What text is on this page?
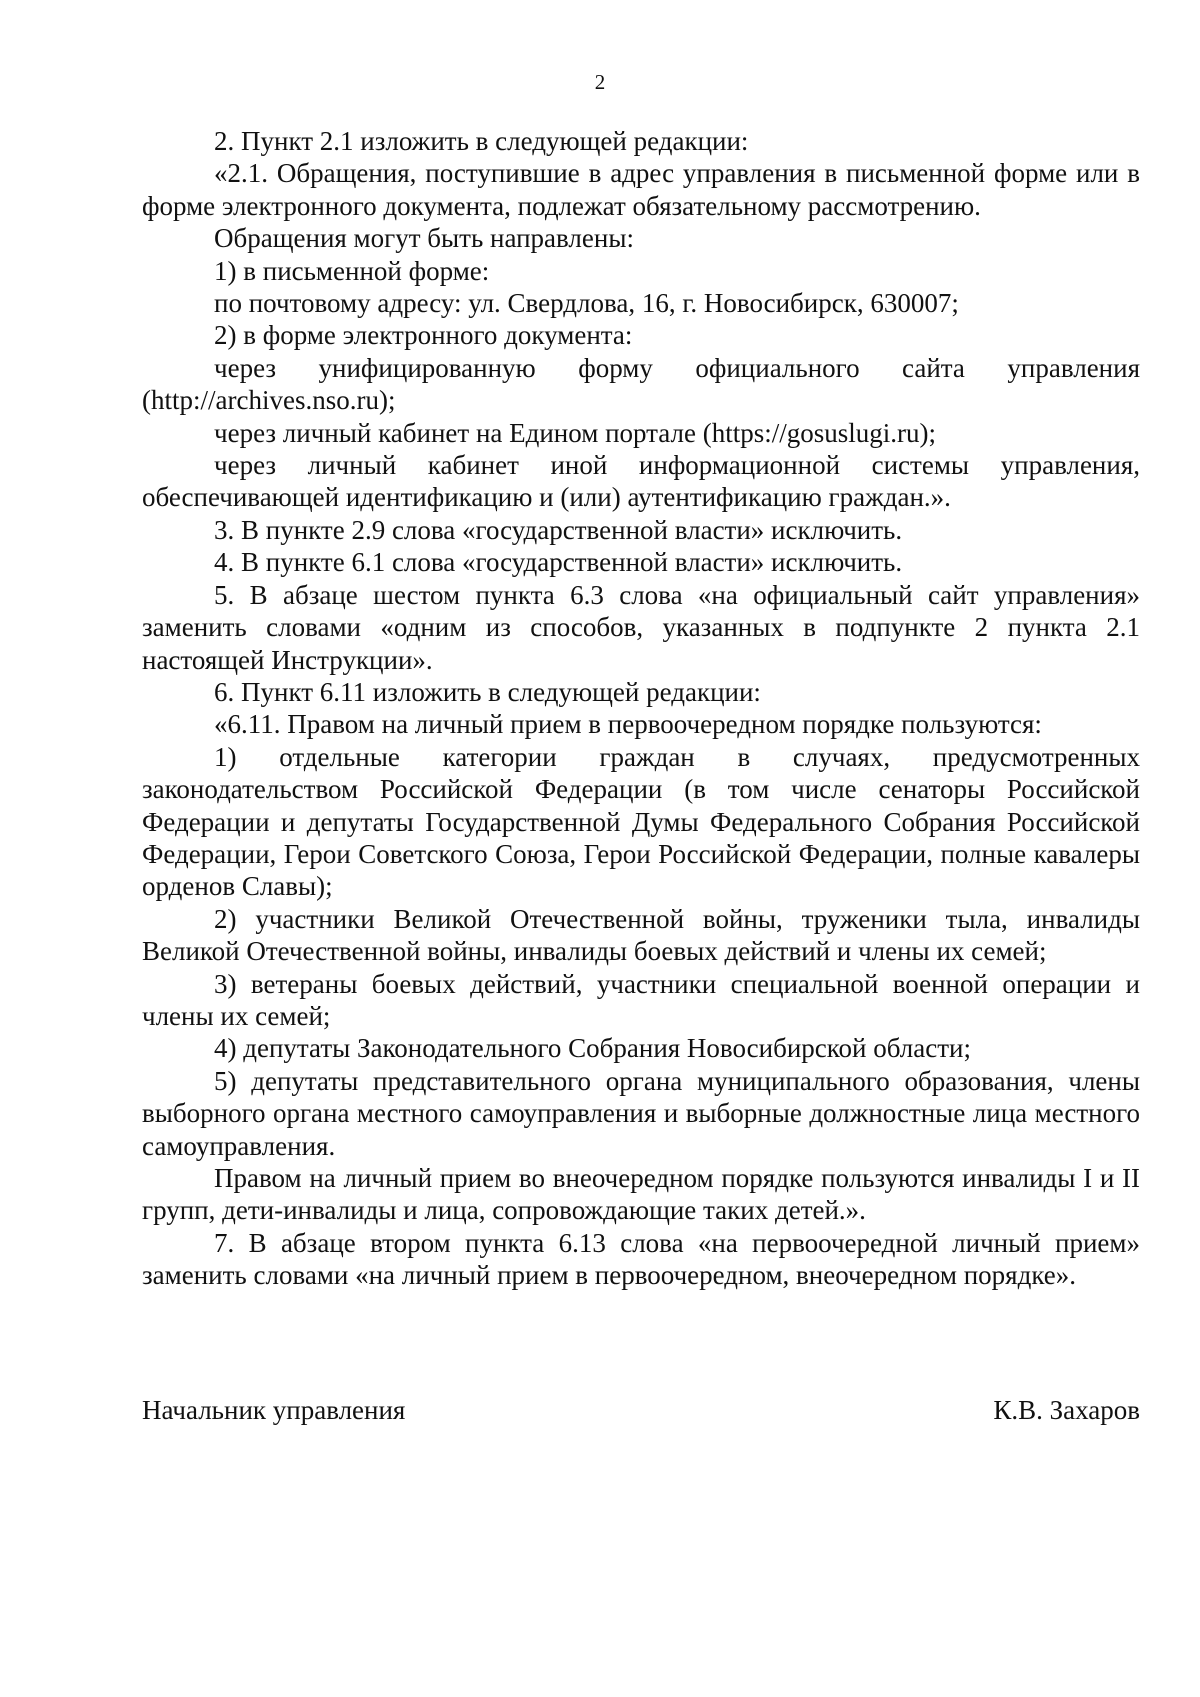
2

2. Пункт 2.1 изложить в следующей редакции:

«2.1. Обращения, поступившие в адрес управления в письменной форме или в форме электронного документа, подлежат обязательному рассмотрению.

Обращения могут быть направлены:

1) в письменной форме:

по почтовому адресу: ул. Свердлова, 16, г. Новосибирск, 630007;

2) в форме электронного документа:

через унифицированную форму официального сайта управления (http://archives.nso.ru);

через личный кабинет на Едином портале (https://gosuslugi.ru);

через личный кабинет иной информационной системы управления, обеспечивающей идентификацию и (или) аутентификацию граждан.».

3. В пункте 2.9 слова «государственной власти» исключить.

4. В пункте 6.1 слова «государственной власти» исключить.

5. В абзаце шестом пункта 6.3 слова «на официальный сайт управления» заменить словами «одним из способов, указанных в подпункте 2 пункта 2.1 настоящей Инструкции».

6. Пункт 6.11 изложить в следующей редакции:

«6.11. Правом на личный прием в первоочередном порядке пользуются:

1) отдельные категории граждан в случаях, предусмотренных законодательством Российской Федерации (в том числе сенаторы Российской Федерации и депутаты Государственной Думы Федерального Собрания Российской Федерации, Герои Советского Союза, Герои Российской Федерации, полные кавалеры орденов Славы);

2) участники Великой Отечественной войны, труженики тыла, инвалиды Великой Отечественной войны, инвалиды боевых действий и члены их семей;

3) ветераны боевых действий, участники специальной военной операции и члены их семей;

4) депутаты Законодательного Собрания Новосибирской области;

5) депутаты представительного органа муниципального образования, члены выборного органа местного самоуправления и выборные должностные лица местного самоуправления.

Правом на личный прием во внеочередном порядке пользуются инвалиды I и II групп, дети-инвалиды и лица, сопровождающие таких детей.».

7. В абзаце втором пункта 6.13 слова «на первоочередной личный прием» заменить словами «на личный прием в первоочередном, внеочередном порядке».

Начальник управления	К.В. Захаров
